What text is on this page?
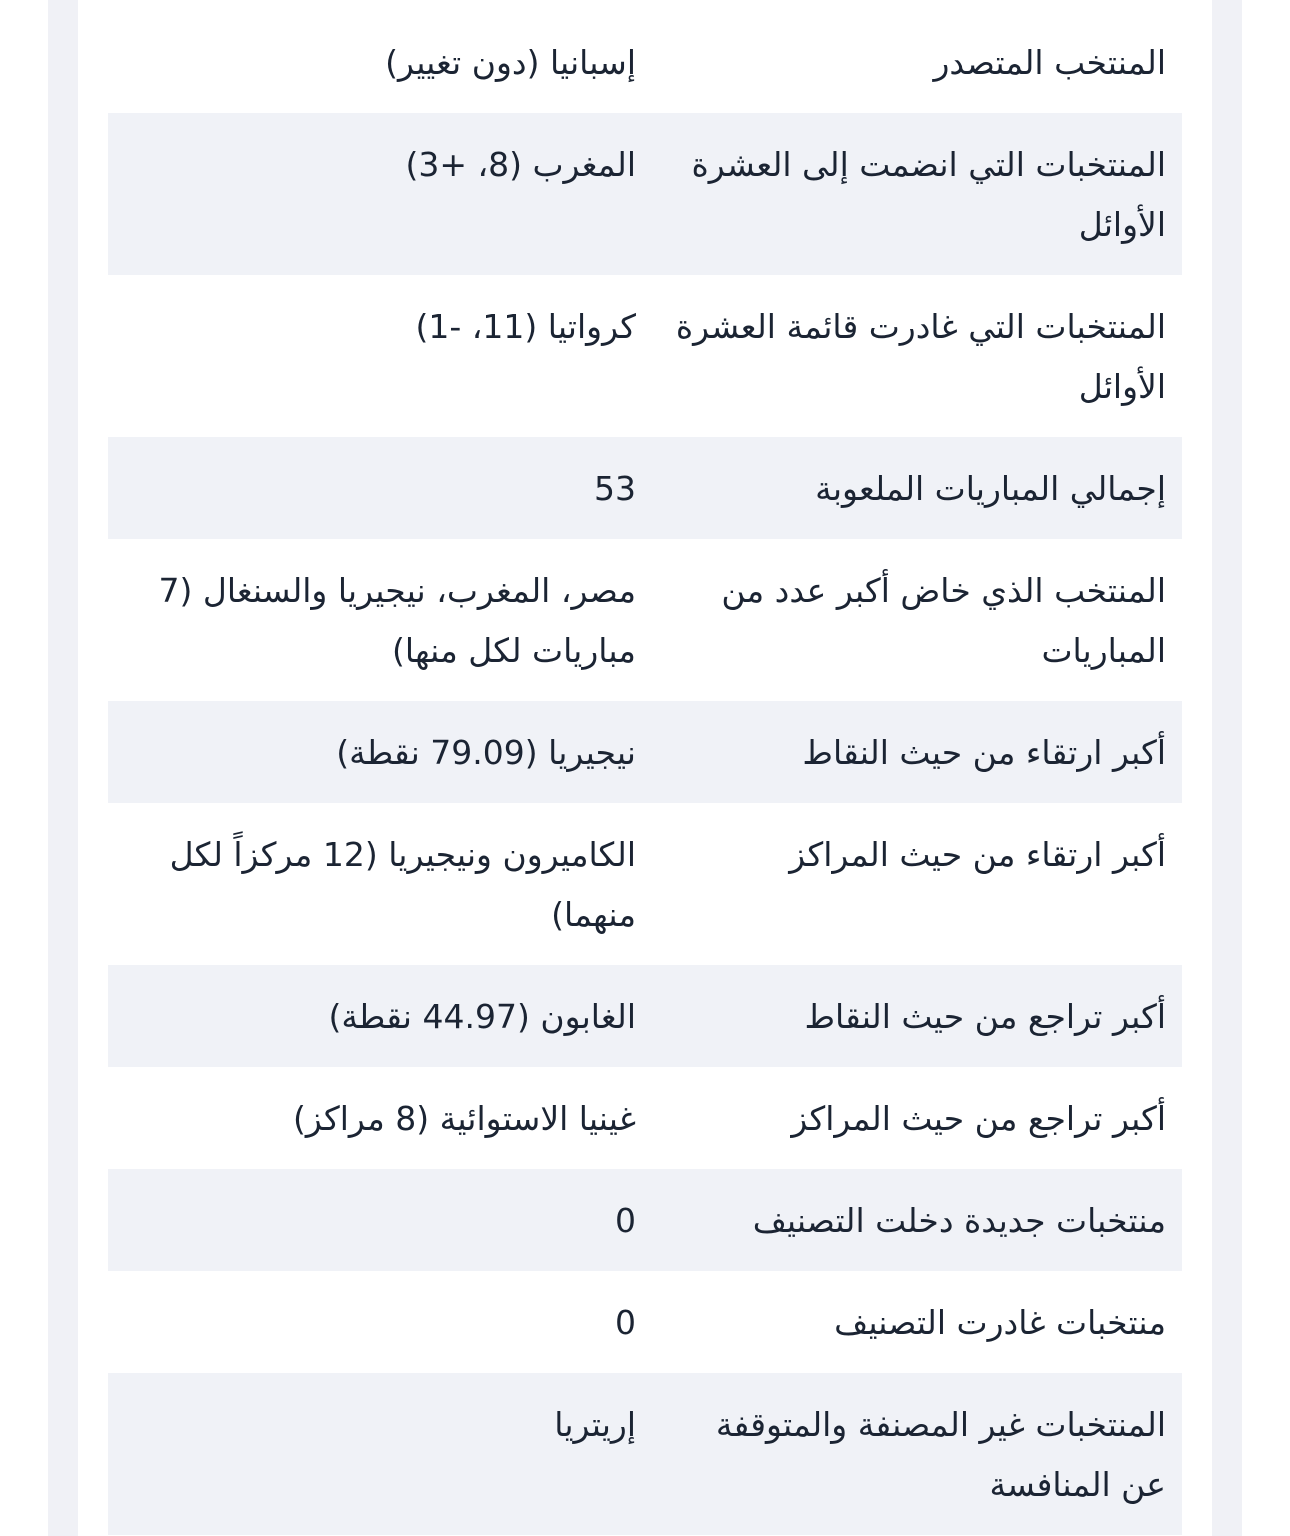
المنتخب المتصدر	إسبانيا (دون تغيير)
المنتخبات التي انضمت إلى العشرة الأوائل	المغرب (8، +3)
المنتخبات التي غادرت قائمة العشرة الأوائل	كرواتيا (11، -1)
إجمالي المباريات الملعوبة	53
المنتخب الذي خاض أكبر عدد من المباريات	مصر، المغرب، نيجيريا والسنغال (7 مباريات لكل منها)
أكبر ارتقاء من حيث النقاط	نيجيريا (79.09 نقطة)
أكبر ارتقاء من حيث المراكز	الكاميرون ونيجيريا (12 مركزاً لكل منهما)
أكبر تراجع من حيث النقاط	الغابون (44.97 نقطة)
أكبر تراجع من حيث المراكز	غينيا الاستوائية (8 مراكز)
منتخبات جديدة دخلت التصنيف	0
منتخبات غادرت التصنيف	0
المنتخبات غير المصنفة والمتوقفة عن المنافسة	إريتريا
